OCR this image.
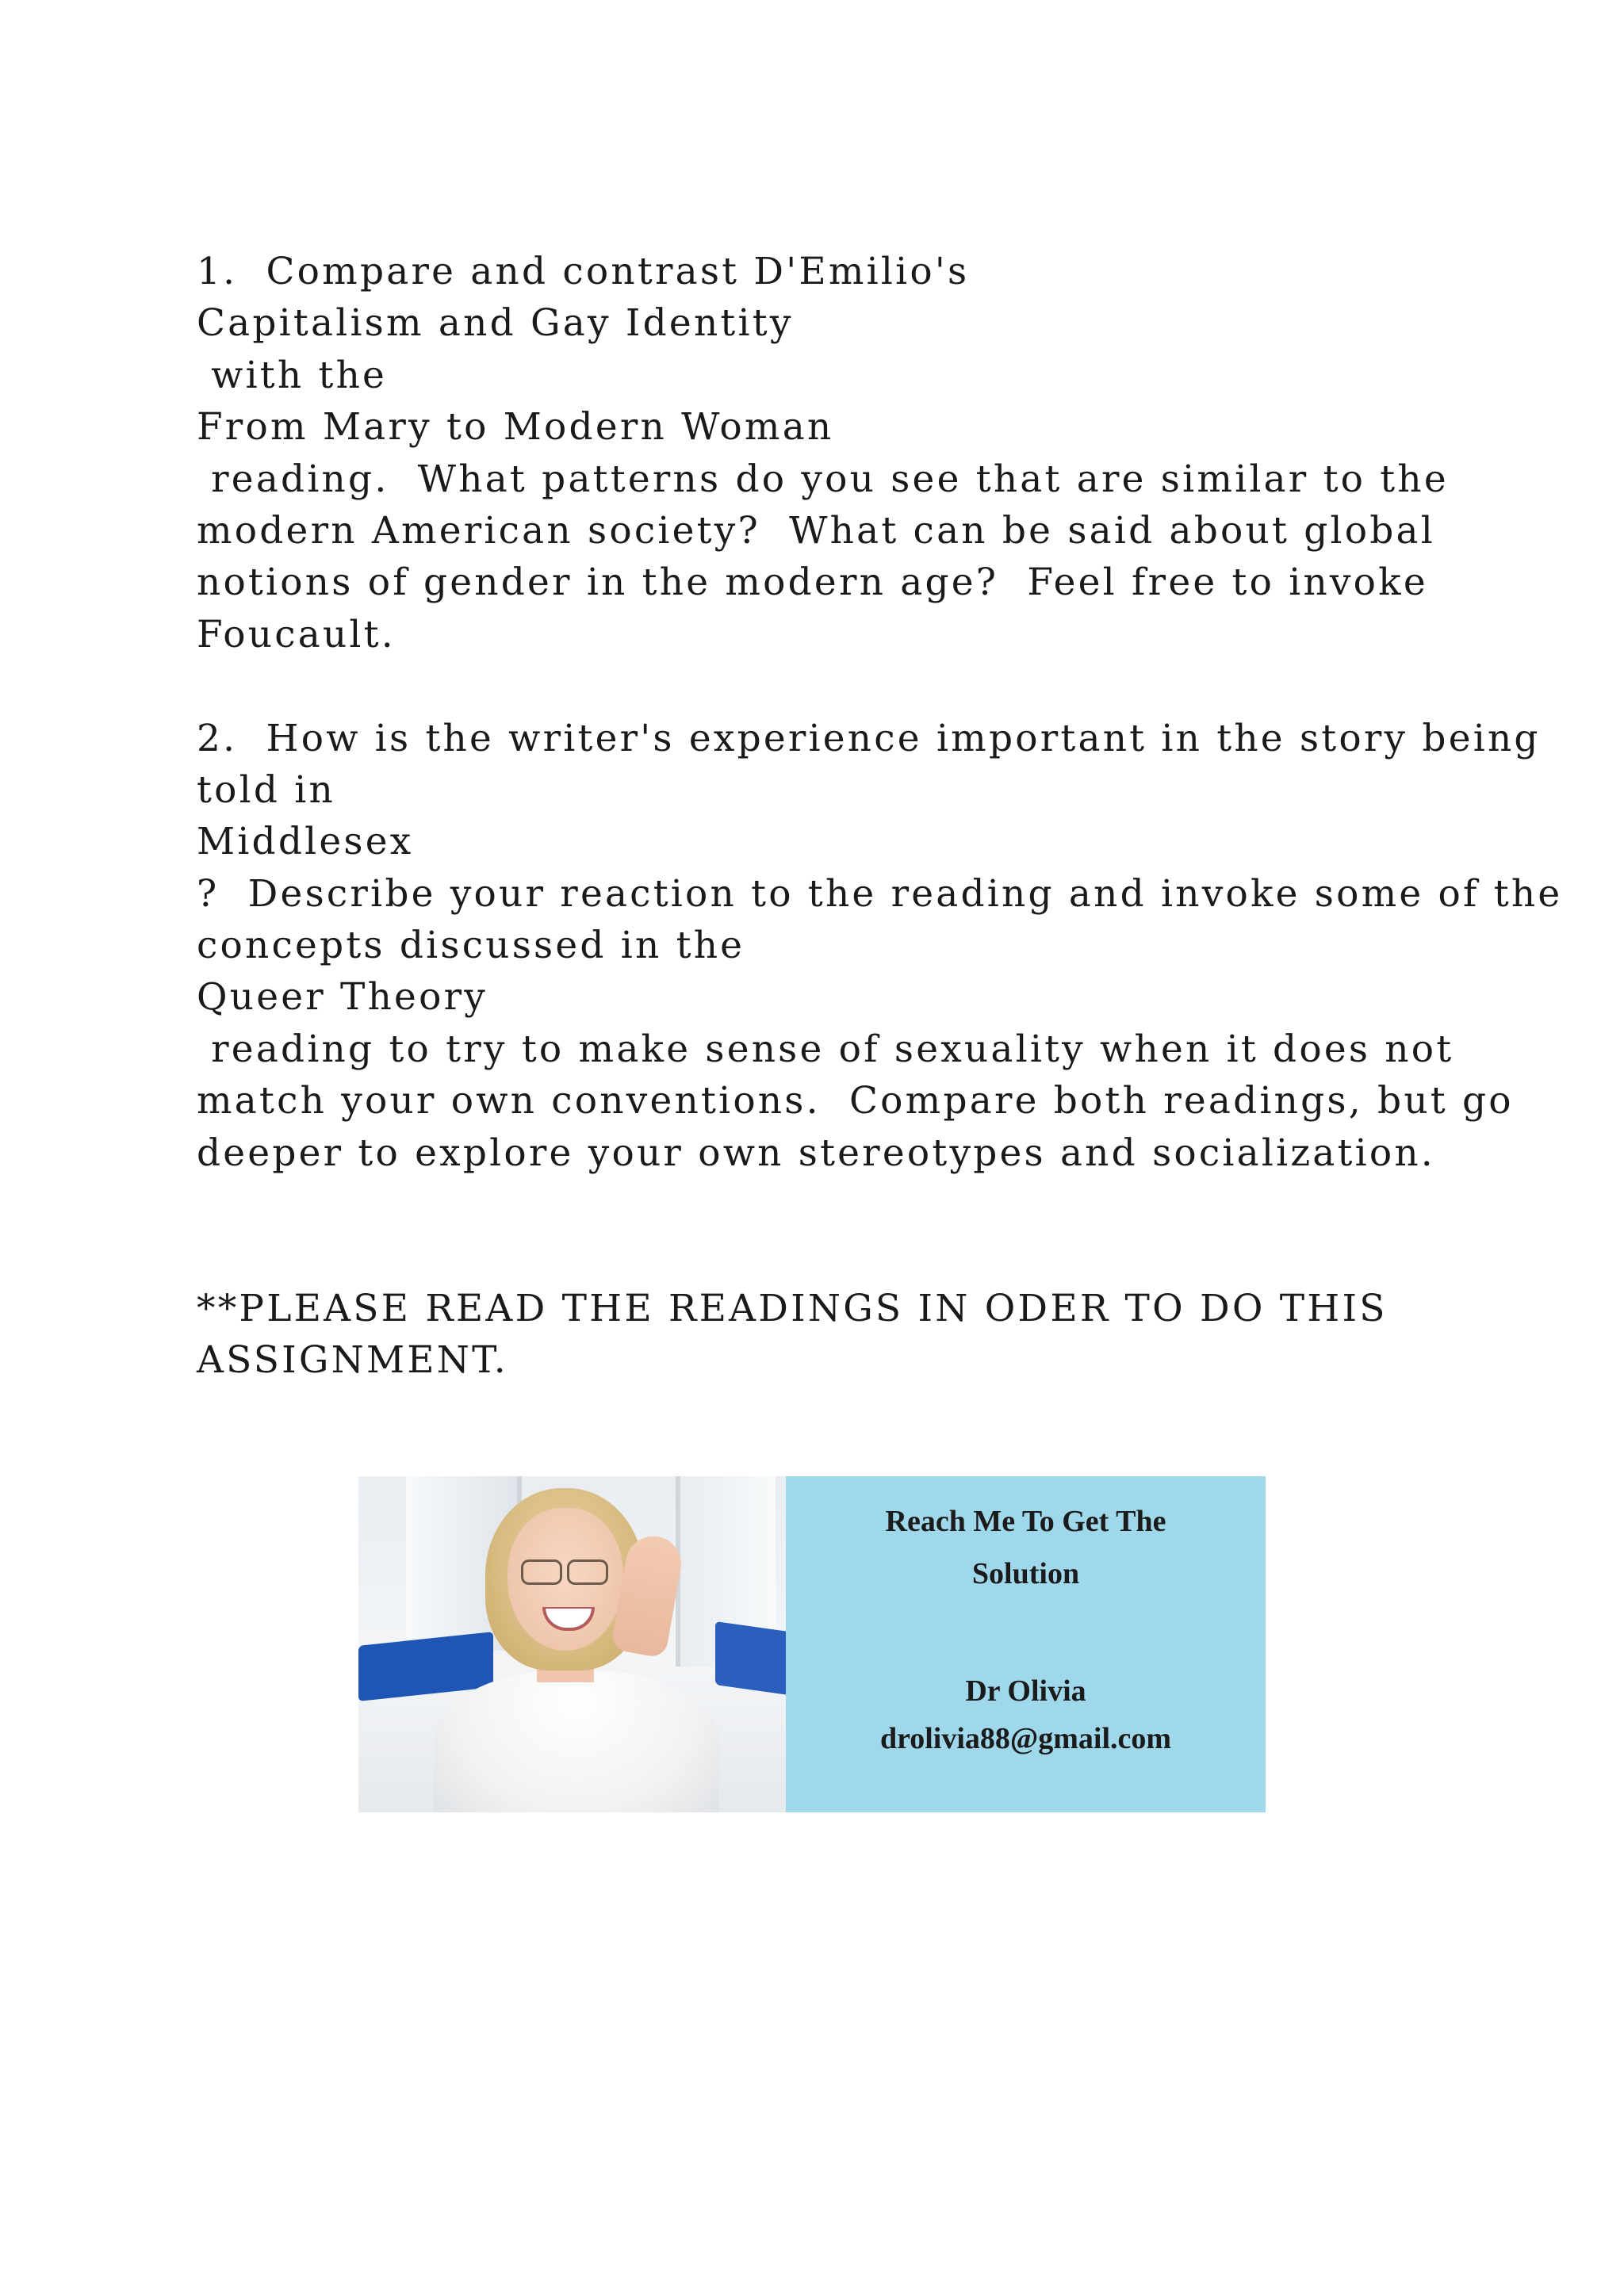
1.  Compare and contrast D'Emilio's
Capitalism and Gay Identity
with the
From Mary to Modern Woman
reading.  What patterns do you see that are similar to the
modern American society?  What can be said about global
notions of gender in the modern age?  Feel free to invoke
Foucault.
2.  How is the writer's experience important in the story being
told in
Middlesex
?  Describe your reaction to the reading and invoke some of the
concepts discussed in the
Queer Theory
reading to try to make sense of sexuality when it does not
match your own conventions.  Compare both readings, but go
deeper to explore your own stereotypes and socialization.
**PLEASE READ THE READINGS IN ODER TO DO THIS
ASSIGNMENT.
Reach Me To Get The
Solution
Dr Olivia
drolivia88@gmail.com
